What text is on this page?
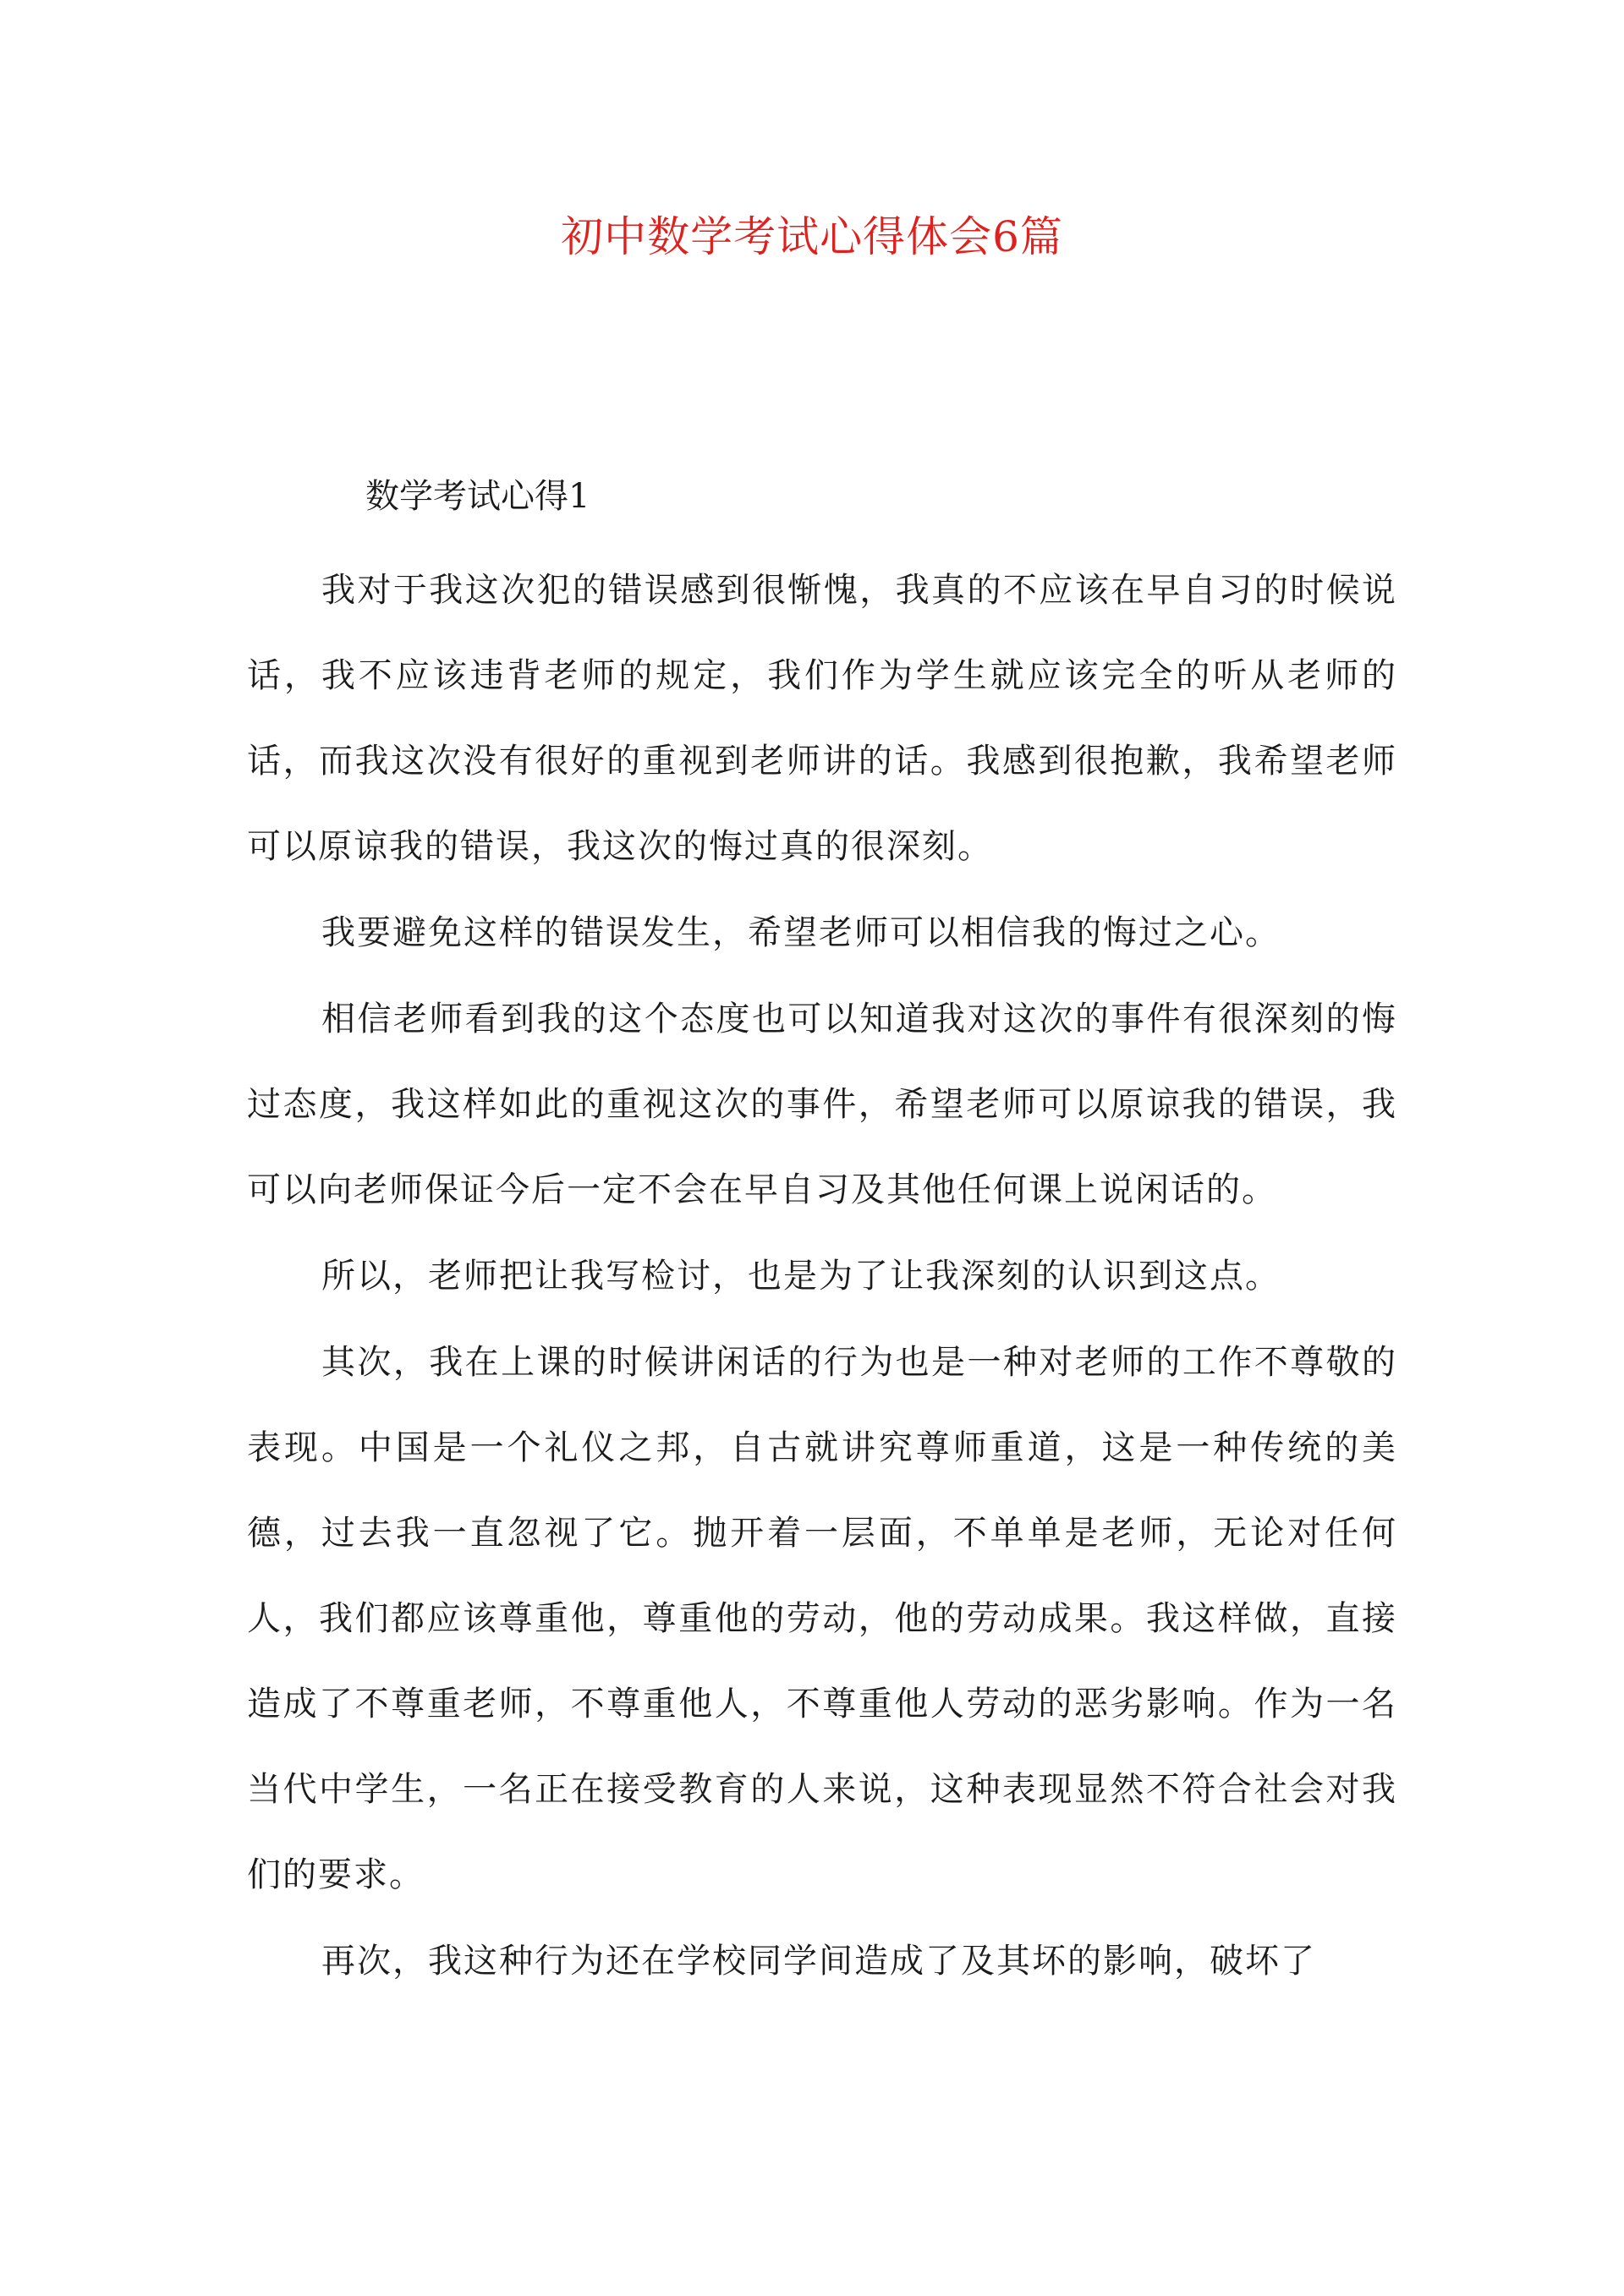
初中数学考试心得体会6篇
数学考试心得1

我对于我这次犯的错误感到很惭愧，我真的不应该在早自习的时候说话，我不应该违背老师的规定，我们作为学生就应该完全的听从老师的话，而我这次没有很好的重视到老师讲的话。我感到很抱歉，我希望老师可以原谅我的错误，我这次的悔过真的很深刻。

我要避免这样的错误发生，希望老师可以相信我的悔过之心。

相信老师看到我的这个态度也可以知道我对这次的事件有很深刻的悔过态度，我这样如此的重视这次的事件，希望老师可以原谅我的错误，我可以向老师保证今后一定不会在早自习及其他任何课上说闲话的。

所以，老师把让我写检讨，也是为了让我深刻的认识到这点。

其次，我在上课的时候讲闲话的行为也是一种对老师的工作不尊敬的表现。中国是一个礼仪之邦，自古就讲究尊师重道，这是一种传统的美德，过去我一直忽视了它。抛开着一层面，不单单是老师，无论对任何人，我们都应该尊重他，尊重他的劳动，他的劳动成果。我这样做，直接造成了不尊重老师，不尊重他人，不尊重他人劳动的恶劣影响。作为一名当代中学生，一名正在接受教育的人来说，这种表现显然不符合社会对我们的要求。

再次，我这种行为还在学校同学间造成了及其坏的影响，破坏了
